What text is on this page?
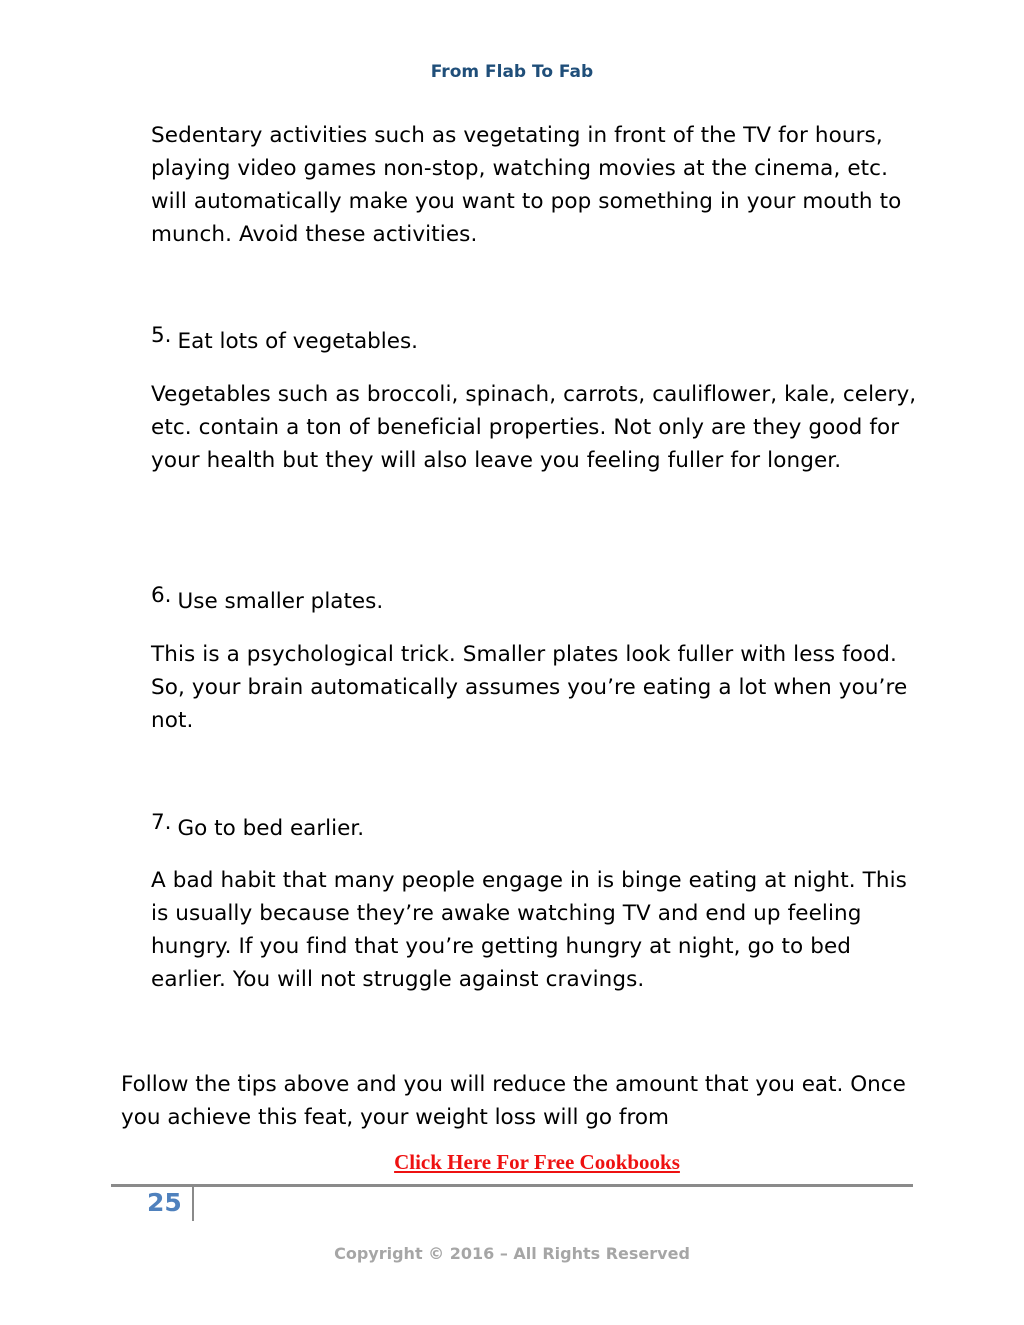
From Flab To Fab

Sedentary activities such as vegetating in front of the TV for hours, playing video games non-stop, watching movies at the cinema, etc. will automatically make you want to pop something in your mouth to munch. Avoid these activities.

5. Eat lots of vegetables.

Vegetables such as broccoli, spinach, carrots, cauliflower, kale, celery, etc. contain a ton of beneficial properties. Not only are they good for your health but they will also leave you feeling fuller for longer.

6. Use smaller plates.

This is a psychological trick. Smaller plates look fuller with less food. So, your brain automatically assumes you’re eating a lot when you’re not.

7. Go to bed earlier.

A bad habit that many people engage in is binge eating at night. This is usually because they’re awake watching TV and end up feeling hungry. If you find that you’re getting hungry at night, go to bed earlier. You will not struggle against cravings.

Follow the tips above and you will reduce the amount that you eat. Once you achieve this feat, your weight loss will go from

Click Here For Free Cookbooks
25
Copyright © 2016 – All Rights Reserved
